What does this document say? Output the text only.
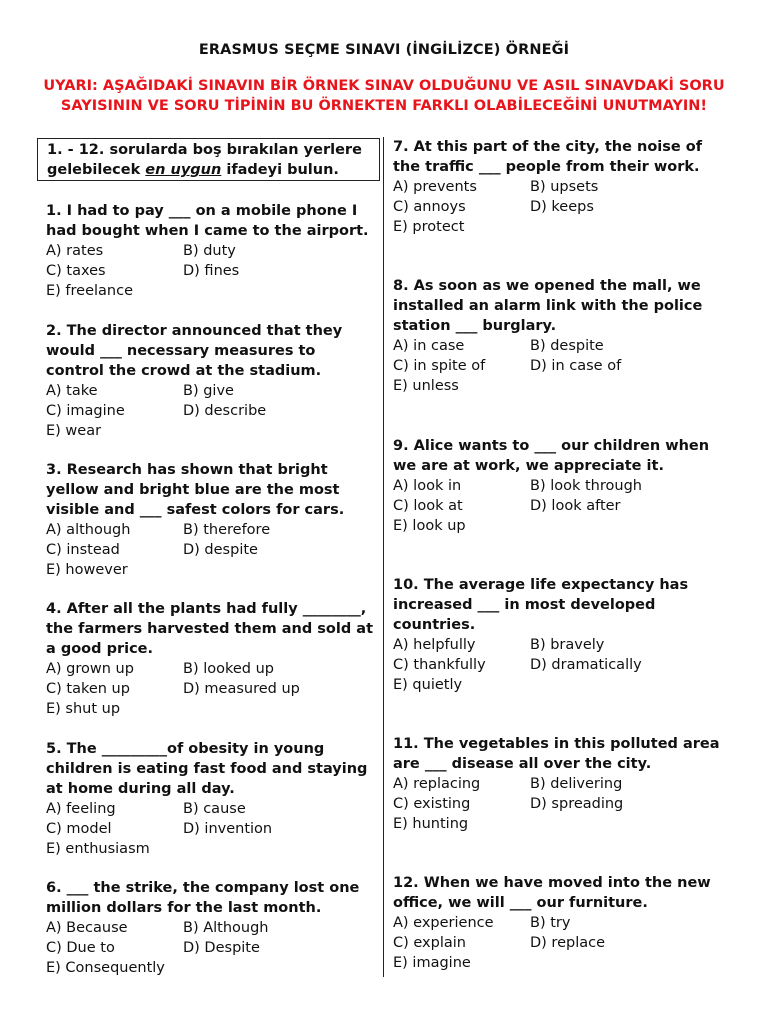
ERASMUS SEÇME SINAVI (İNGİLİZCE) ÖRNEĞİ
UYARI: AŞAĞIDAKİ SINAVIN BİR ÖRNEK SINAV OLDUĞUNU VE ASIL SINAVDAKİ SORU SAYISININ VE SORU TİPİNİN BU ÖRNEKTEN FARKLI OLABİLECEĞİNİ UNUTMAYIN!
1. - 12. sorularda boş bırakılan yerlere gelebilecek en uygun ifadeyi bulun.
1. I had to pay ___ on a mobile phone I had bought when I came to the airport.
A) rates	B) duty
C) taxes	D) fines
E) freelance
2. The director announced that they would ___ necessary measures to control the crowd at the stadium.
A) take	B) give
C) imagine	D) describe
E) wear
3. Research has shown that bright yellow and bright blue are the most visible and ___ safest colors for cars.
A) although	B) therefore
C) instead	D) despite
E) however
4. After all the plants had fully ________, the farmers harvested them and sold at a good price.
A) grown up	B) looked up
C) taken up	D) measured up
E) shut up
5. The _________of obesity in young children is eating fast food and staying at home during all day.
A) feeling	B) cause
C) model	D) invention
E) enthusiasm
6. ___ the strike, the company lost one million dollars for the last month.
A) Because	B) Although
C) Due to	D) Despite
E) Consequently
7. At this part of the city, the noise of the traffic ___ people from their work.
A) prevents	B) upsets
C) annoys	D) keeps
E) protect
8. As soon as we opened the mall, we installed an alarm link with the police station ___ burglary.
A) in case	B) despite
C) in spite of	D) in case of
E) unless
9. Alice wants to ___ our children when we are at work, we appreciate it.
A) look in	B) look through
C) look at	D) look after
E) look up
10. The average life expectancy has increased ___ in most developed countries.
A) helpfully	B) bravely
C) thankfully	D) dramatically
E) quietly
11. The vegetables in this polluted area are ___ disease all over the city.
A) replacing	B) delivering
C) existing	D) spreading
E) hunting
12. When we have moved into the new office, we will ___ our furniture.
A) experience	B) try
C) explain	D) replace
E) imagine
